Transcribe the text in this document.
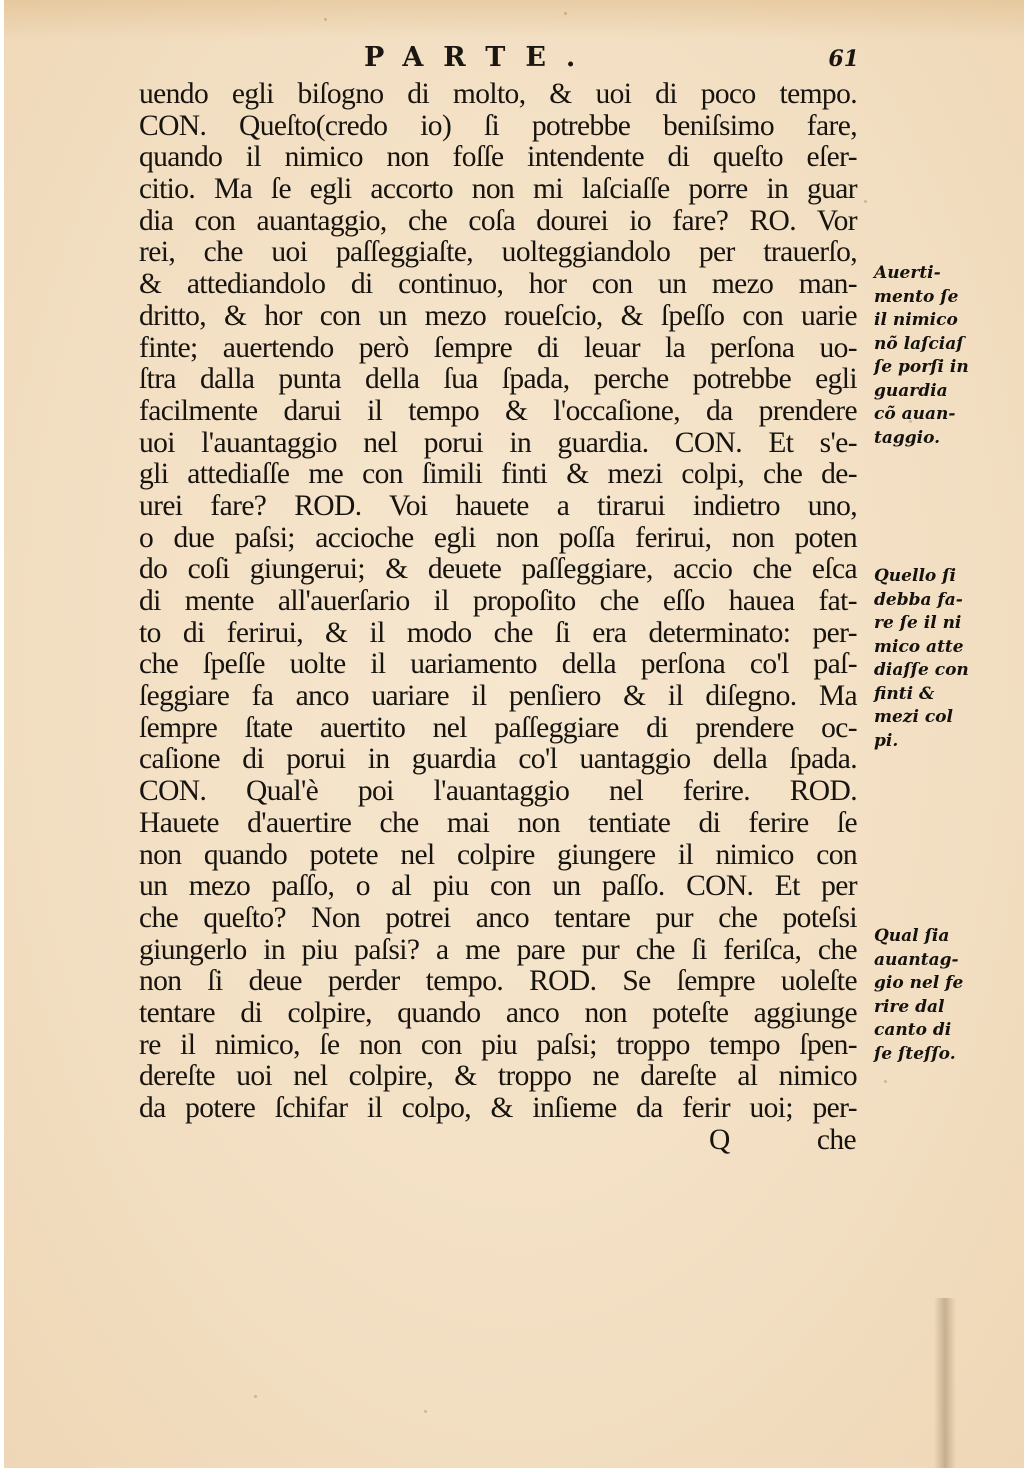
PARTE.	61
uendo egli biſogno di molto, & uoi di poco tempo.
CON. Queſto(credo io) ſi potrebbe beniſsimo fare,
quando il nimico non foſſe intendente di queſto eſer-
citio. Ma ſe egli accorto non mi laſciaſſe porre in guar
dia con auantaggio, che coſa dourei io fare? RO. Vor
rei, che uoi paſſeggiaſte, uolteggiandolo per trauerſo,
& attediandolo di continuo, hor con un mezo man-
dritto, & hor con un mezo roueſcio, & ſpeſſo con uarie
finte; auertendo però ſempre di leuar la perſona uo-
ſtra dalla punta della ſua ſpada, perche potrebbe egli
facilmente darui il tempo & l'occaſione, da prendere
uoi l'auantaggio nel porui in guardia. CON. Et s'e-
gli attediaſſe me con ſimili finti & mezi colpi, che de-
urei fare? ROD. Voi hauete a tirarui indietro uno,
o due paſsi; accioche egli non poſſa ferirui, non poten
do coſi giungerui; & deuete paſſeggiare, accio che eſca
di mente all'auerſario il propoſito che eſſo hauea fat-
to di ferirui, & il modo che ſi era determinato: per-
che ſpeſſe uolte il uariamento della perſona co'l paſ-
ſeggiare fa anco uariare il penſiero & il diſegno. Ma
ſempre ſtate auertito nel paſſeggiare di prendere oc-
caſione di porui in guardia co'l uantaggio della ſpada.
CON. Qual'è poi l'auantaggio nel ferire. ROD.
Hauete d'auertire che mai non tentiate di ferire ſe
non quando potete nel colpire giungere il nimico con
un mezo paſſo, o al piu con un paſſo. CON. Et per
che queſto? Non potrei anco tentare pur che poteſsi
giungerlo in piu paſsi? a me pare pur che ſi feriſca, che
non ſi deue perder tempo. ROD. Se ſempre uoleſte
tentare di colpire, quando anco non poteſte aggiunge
re il nimico, ſe non con piu paſsi; troppo tempo ſpen-
dereſte uoi nel colpire, & troppo ne dareſte al nimico
da potere ſchifar il colpo, & inſieme da ferir uoi; per-
Q	che
Auerti-
mento ſe
il nimico
nõ laſciaſ
ſe porſi in
guardia
cõ auan-
taggio.
Quello ſi
debba fa-
re ſe il ni
mico atte
diaſſe con
finti &
mezi col
pi.
Qual ſia
auantag-
gio nel fe
rire dal
canto di
ſe ſteſſo.
